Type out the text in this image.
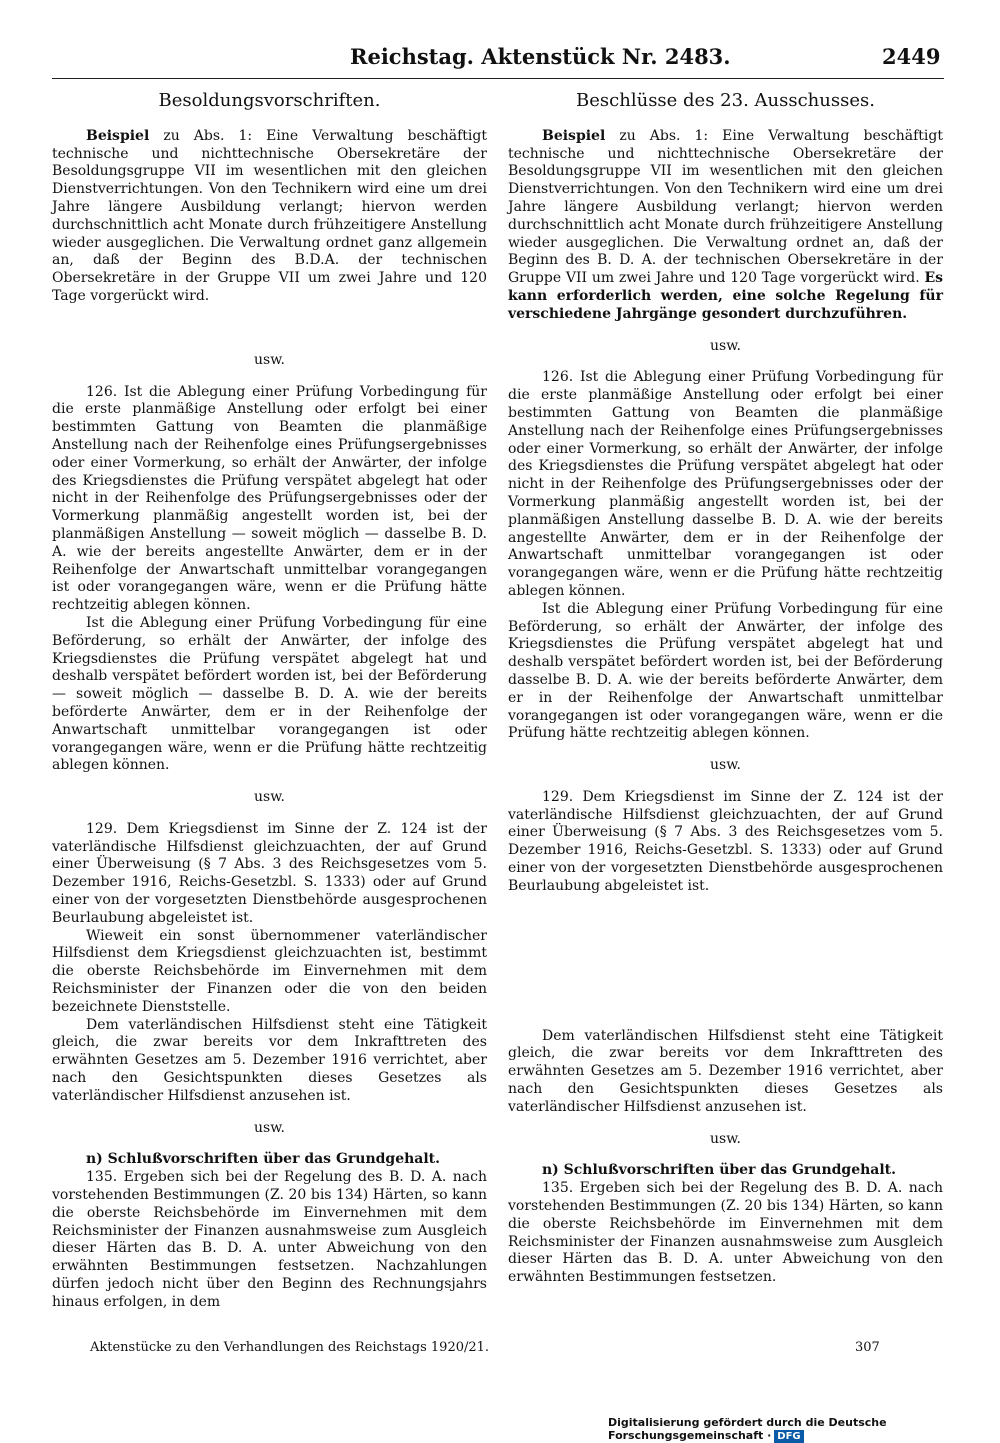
Reichstag. Aktenstück Nr. 2483.	2449
Besoldungsvorschriften.

Beispiel zu Abs. 1: Eine Verwaltung beschäftigt technische und nichttechnische Obersekretäre der Besoldungsgruppe VII im wesentlichen mit den gleichen Dienstverrichtungen. Von den Technikern wird eine um drei Jahre längere Ausbildung verlangt; hiervon werden durchschnittlich acht Monate durch frühzeitigere Anstellung wieder ausgeglichen. Die Verwaltung ordnet ganz allgemein an, daß der Beginn des B.D.A. der technischen Obersekretäre in der Gruppe VII um zwei Jahre und 120 Tage vorgerückt wird.

usw.

126. Ist die Ablegung einer Prüfung Vorbedingung für die erste planmäßige Anstellung oder erfolgt bei einer bestimmten Gattung von Beamten die planmäßige Anstellung nach der Reihenfolge eines Prüfungsergebnisses oder einer Vormerkung, so erhält der Anwärter, der infolge des Kriegsdienstes die Prüfung verspätet abgelegt hat oder nicht in der Reihenfolge des Prüfungsergebnisses oder der Vormerkung planmäßig angestellt worden ist, bei der planmäßigen Anstellung — soweit möglich — dasselbe B. D. A. wie der bereits angestellte Anwärter, dem er in der Reihenfolge der Anwartschaft unmittelbar vorangegangen ist oder vorangegangen wäre, wenn er die Prüfung hätte rechtzeitig ablegen können.

Ist die Ablegung einer Prüfung Vorbedingung für eine Beförderung, so erhält der Anwärter, der infolge des Kriegsdienstes die Prüfung verspätet abgelegt hat und deshalb verspätet befördert worden ist, bei der Beförderung — soweit möglich — dasselbe B. D. A. wie der bereits beförderte Anwärter, dem er in der Reihenfolge der Anwartschaft unmittelbar vorangegangen ist oder vorangegangen wäre, wenn er die Prüfung hätte rechtzeitig ablegen können.

usw.

129. Dem Kriegsdienst im Sinne der Z. 124 ist der vaterländische Hilfsdienst gleichzuachten, der auf Grund einer Überweisung (§ 7 Abs. 3 des Reichsgesetzes vom 5. Dezember 1916, Reichs-Gesetzbl. S. 1333) oder auf Grund einer von der vorgesetzten Dienstbehörde ausgesprochenen Beurlaubung abgeleistet ist.

Wieweit ein sonst übernommener vaterländischer Hilfsdienst dem Kriegsdienst gleichzuachten ist, bestimmt die oberste Reichsbehörde im Einvernehmen mit dem Reichsminister der Finanzen oder die von den beiden bezeichnete Dienststelle.

Dem vaterländischen Hilfsdienst steht eine Tätigkeit gleich, die zwar bereits vor dem Inkrafttreten des erwähnten Gesetzes am 5. Dezember 1916 verrichtet, aber nach den Gesichtspunkten dieses Gesetzes als vaterländischer Hilfsdienst anzusehen ist.

usw.

n) Schlußvorschriften über das Grundgehalt.

135. Ergeben sich bei der Regelung des B. D. A. nach vorstehenden Bestimmungen (Z. 20 bis 134) Härten, so kann die oberste Reichsbehörde im Einvernehmen mit dem Reichsminister der Finanzen ausnahmsweise zum Ausgleich dieser Härten das B. D. A. unter Abweichung von den erwähnten Bestimmungen festsetzen. Nachzahlungen dürfen jedoch nicht über den Beginn des Rechnungsjahrs hinaus erfolgen, in dem

Beschlüsse des 23. Ausschusses.

Beispiel zu Abs. 1: Eine Verwaltung beschäftigt technische und nichttechnische Obersekretäre der Besoldungsgruppe VII im wesentlichen mit den gleichen Dienstverrichtungen. Von den Technikern wird eine um drei Jahre längere Ausbildung verlangt; hiervon werden durchschnittlich acht Monate durch frühzeitigere Anstellung wieder ausgeglichen. Die Verwaltung ordnet an, daß der Beginn des B. D. A. der technischen Obersekretäre in der Gruppe VII um zwei Jahre und 120 Tage vorgerückt wird. Es kann erforderlich werden, eine solche Regelung für verschiedene Jahrgänge gesondert durchzuführen.

usw.

126. Ist die Ablegung einer Prüfung Vorbedingung für die erste planmäßige Anstellung oder erfolgt bei einer bestimmten Gattung von Beamten die planmäßige Anstellung nach der Reihenfolge eines Prüfungsergebnisses oder einer Vormerkung, so erhält der Anwärter, der infolge des Kriegsdienstes die Prüfung verspätet abgelegt hat oder nicht in der Reihenfolge des Prüfungsergebnisses oder der Vormerkung planmäßig angestellt worden ist, bei der planmäßigen Anstellung dasselbe B. D. A. wie der bereits angestellte Anwärter, dem er in der Reihenfolge der Anwartschaft unmittelbar vorangegangen ist oder vorangegangen wäre, wenn er die Prüfung hätte rechtzeitig ablegen können.

Ist die Ablegung einer Prüfung Vorbedingung für eine Beförderung, so erhält der Anwärter, der infolge des Kriegsdienstes die Prüfung verspätet abgelegt hat und deshalb verspätet befördert worden ist, bei der Beförderung dasselbe B. D. A. wie der bereits beförderte Anwärter, dem er in der Reihenfolge der Anwartschaft unmittelbar vorangegangen ist oder vorangegangen wäre, wenn er die Prüfung hätte rechtzeitig ablegen können.

usw.

129. Dem Kriegsdienst im Sinne der Z. 124 ist der vaterländische Hilfsdienst gleichzuachten, der auf Grund einer Überweisung (§ 7 Abs. 3 des Reichsgesetzes vom 5. Dezember 1916, Reichs-Gesetzbl. S. 1333) oder auf Grund einer von der vorgesetzten Dienstbehörde ausgesprochenen Beurlaubung abgeleistet ist.

Dem vaterländischen Hilfsdienst steht eine Tätigkeit gleich, die zwar bereits vor dem Inkrafttreten des erwähnten Gesetzes am 5. Dezember 1916 verrichtet, aber nach den Gesichtspunkten dieses Gesetzes als vaterländischer Hilfsdienst anzusehen ist.

usw.

n) Schlußvorschriften über das Grundgehalt.

135. Ergeben sich bei der Regelung des B. D. A. nach vorstehenden Bestimmungen (Z. 20 bis 134) Härten, so kann die oberste Reichsbehörde im Einvernehmen mit dem Reichsminister der Finanzen ausnahmsweise zum Ausgleich dieser Härten das B. D. A. unter Abweichung von den erwähnten Bestimmungen festsetzen.

Aktenstücke zu den Verhandlungen des Reichstags 1920/21.	307
Digitalisierung gefördert durch die Deutsche Forschungsgemeinschaft · DFG
